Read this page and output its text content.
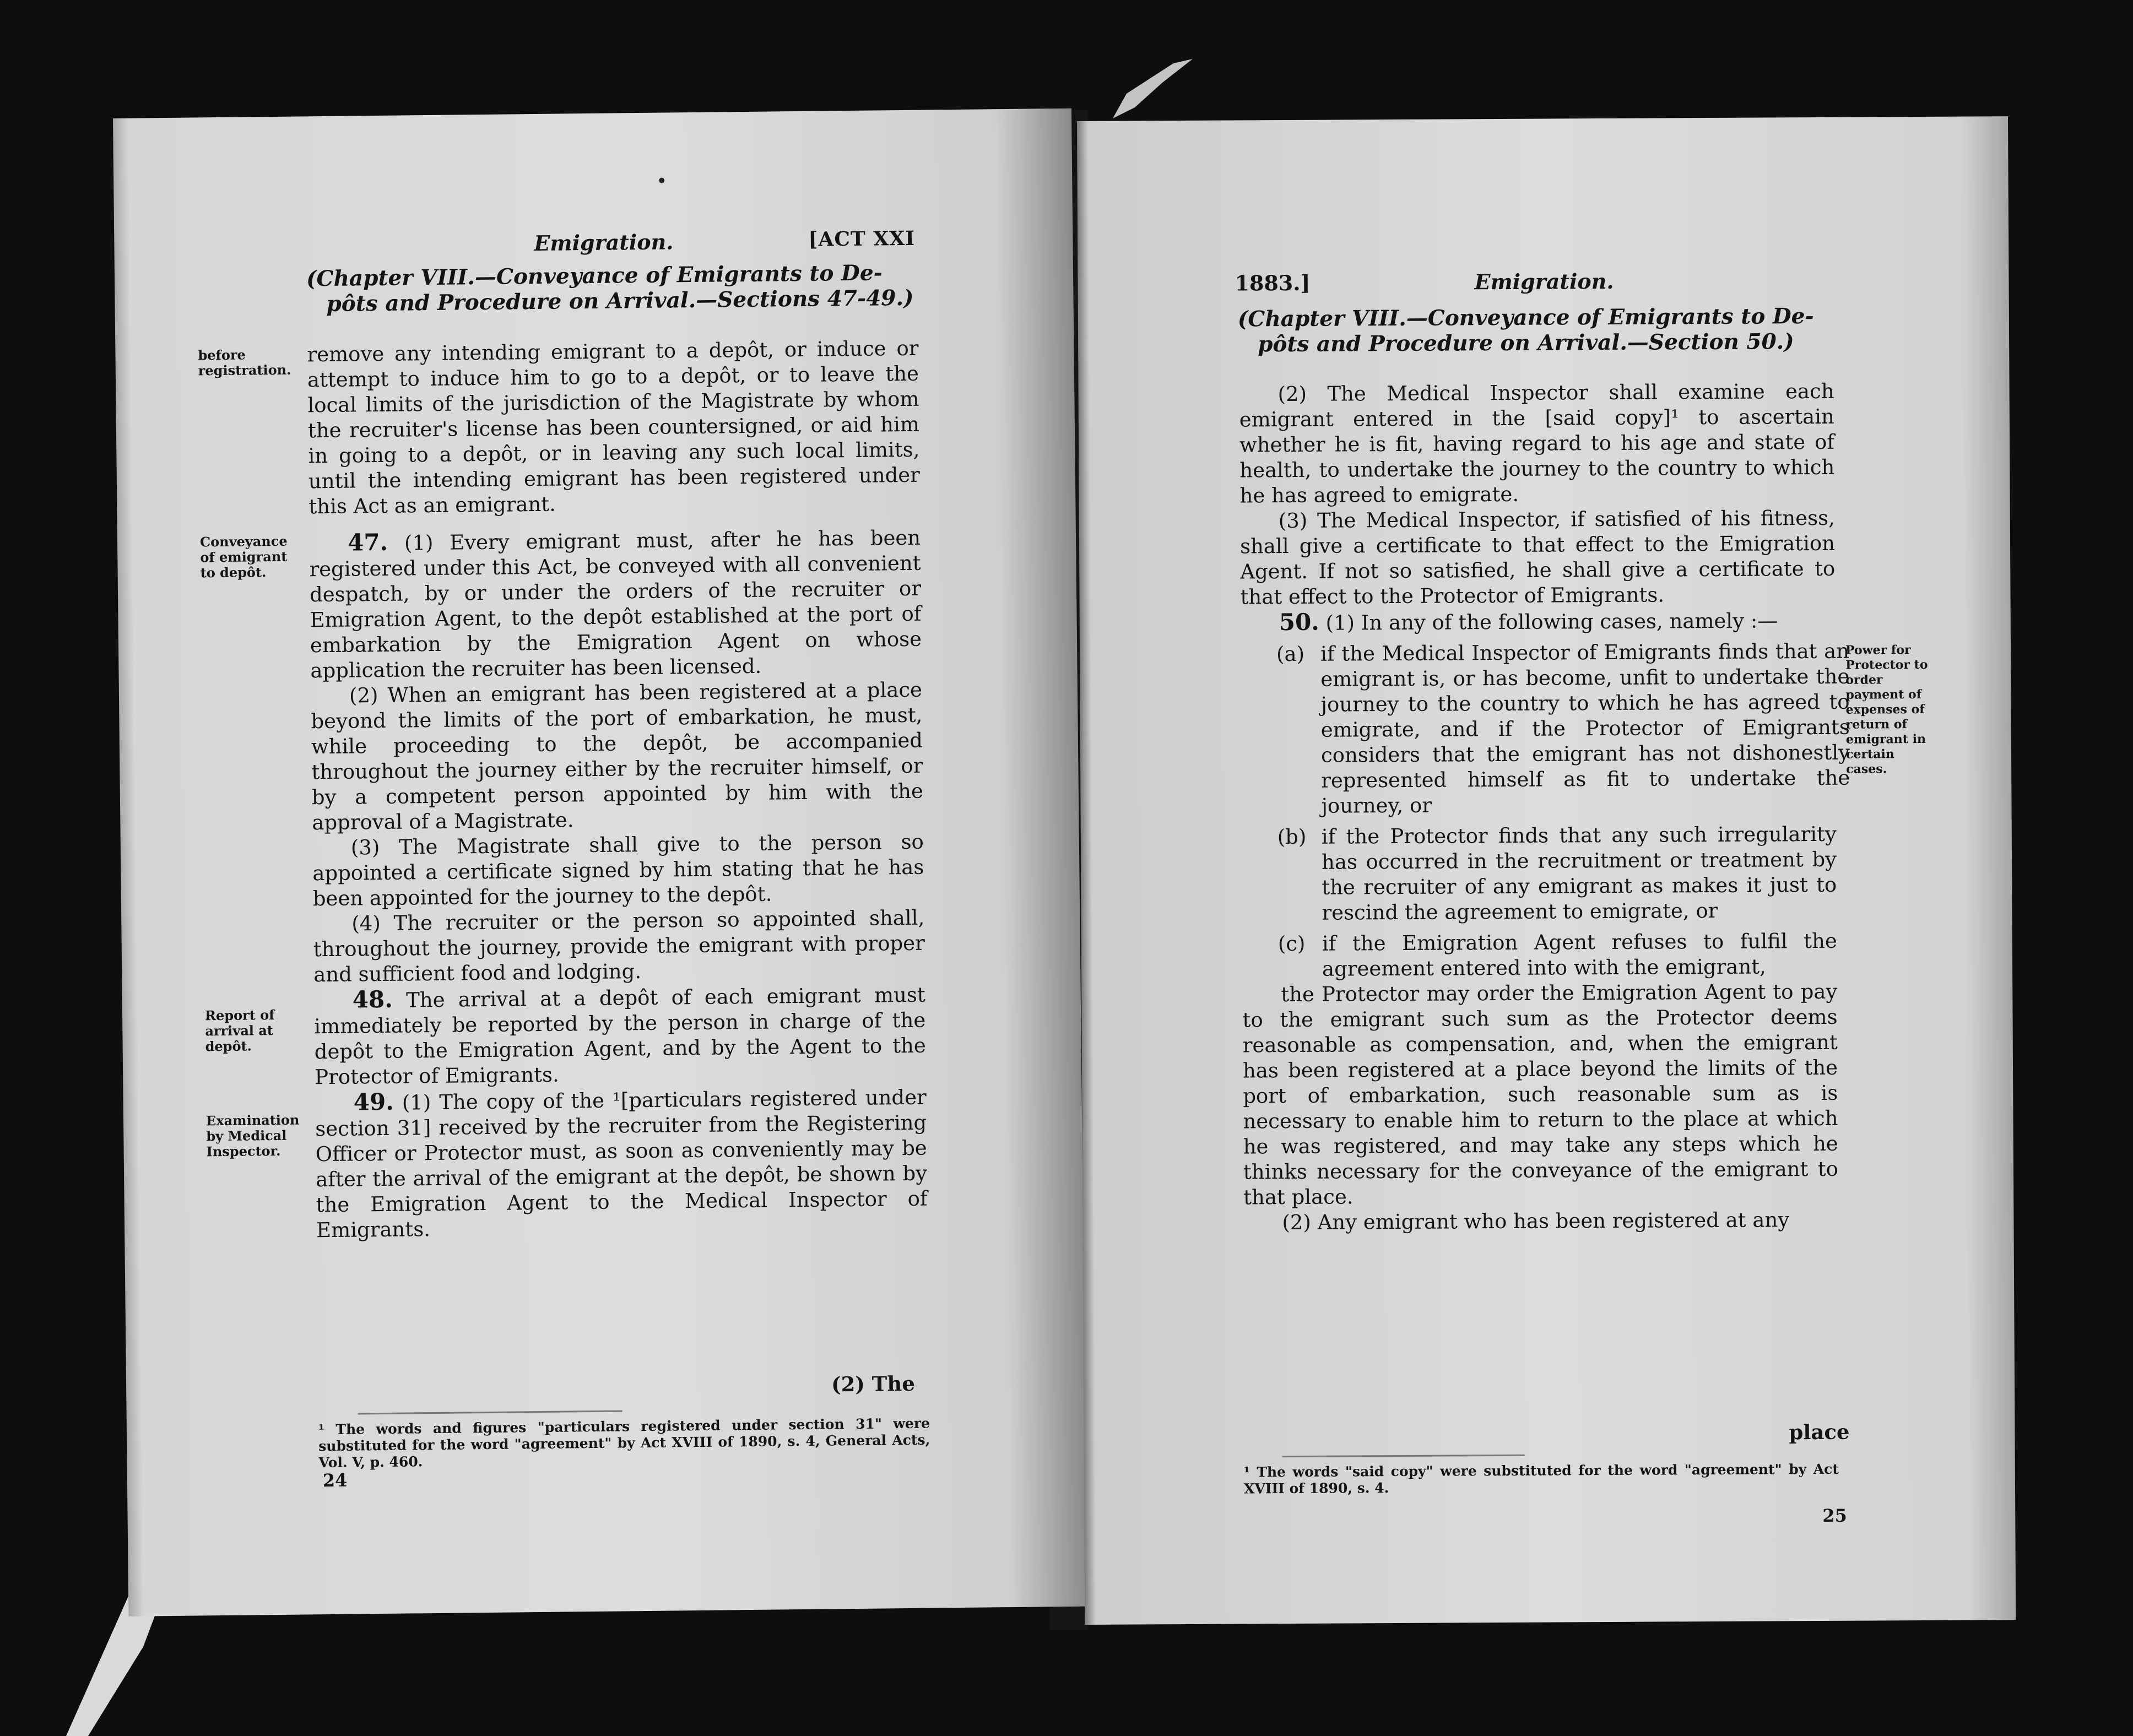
Emigration.	[ACT XXI
(Chapter VIII.—Conveyance of Emigrants to De-
pôts and Procedure on Arrival.—Sections 47-49.)
before registration.
Conveyance of emigrant to depôt.
Report of arrival at depôt.
Examination by Medical Inspector.

remove any intending emigrant to a depôt, or induce or attempt to induce him to go to a depôt, or to leave the local limits of the jurisdiction of the Magistrate by whom the recruiter's license has been countersigned, or aid him in going to a depôt, or in leaving any such local limits, until the intending emigrant has been registered under this Act as an emigrant.

47. (1) Every emigrant must, after he has been registered under this Act, be conveyed with all convenient despatch, by or under the orders of the recruiter or Emigration Agent, to the depôt established at the port of embarkation by the Emigration Agent on whose application the recruiter has been licensed.

(2) When an emigrant has been registered at a place beyond the limits of the port of embarkation, he must, while proceeding to the depôt, be accompanied throughout the journey either by the recruiter himself, or by a competent person appointed by him with the approval of a Magistrate.

(3) The Magistrate shall give to the person so appointed a certificate signed by him stating that he has been appointed for the journey to the depôt.

(4) The recruiter or the person so appointed shall, throughout the journey, provide the emigrant with proper and sufficient food and lodging.

48. The arrival at a depôt of each emigrant must immediately be reported by the person in charge of the depôt to the Emigration Agent, and by the Agent to the Protector of Emigrants.

49. (1) The copy of the ¹[particulars registered under section 31] received by the recruiter from the Registering Officer or Protector must, as soon as conveniently may be after the arrival of the emigrant at the depôt, be shown by the Emigration Agent to the Medical Inspector of Emigrants.

(2) The
¹ The words and figures "particulars registered under section 31" were substituted for the word "agreement" by Act XVIII of 1890, s. 4, General Acts, Vol. V, p. 460.
24
1883.]	Emigration.
(Chapter VIII.—Conveyance of Emigrants to De-
pôts and Procedure on Arrival.—Section 50.)
Power for Protector to order payment of expenses of return of emigrant in certain cases.

(2) The Medical Inspector shall examine each emigrant entered in the [said copy]¹ to ascertain whether he is fit, having regard to his age and state of health, to undertake the journey to the country to which he has agreed to emigrate.

(3) The Medical Inspector, if satisfied of his fitness, shall give a certificate to that effect to the Emigration Agent. If not so satisfied, he shall give a certificate to that effect to the Protector of Emigrants.

50. (1) In any of the following cases, namely :—

(a) if the Medical Inspector of Emigrants finds that an emigrant is, or has become, unfit to undertake the journey to the country to which he has agreed to emigrate, and if the Protector of Emigrants considers that the emigrant has not dishonestly represented himself as fit to undertake the journey, or
(b) if the Protector finds that any such irregularity has occurred in the recruitment or treatment by the recruiter of any emigrant as makes it just to rescind the agreement to emigrate, or
(c) if the Emigration Agent refuses to fulfil the agreement entered into with the emigrant,

the Protector may order the Emigration Agent to pay to the emigrant such sum as the Protector deems reasonable as compensation, and, when the emigrant has been registered at a place beyond the limits of the port of embarkation, such reasonable sum as is necessary to enable him to return to the place at which he was registered, and may take any steps which he thinks necessary for the conveyance of the emigrant to that place.

(2) Any emigrant who has been registered at any

place
¹ The words "said copy" were substituted for the word "agreement" by Act XVIII of 1890, s. 4.
25
